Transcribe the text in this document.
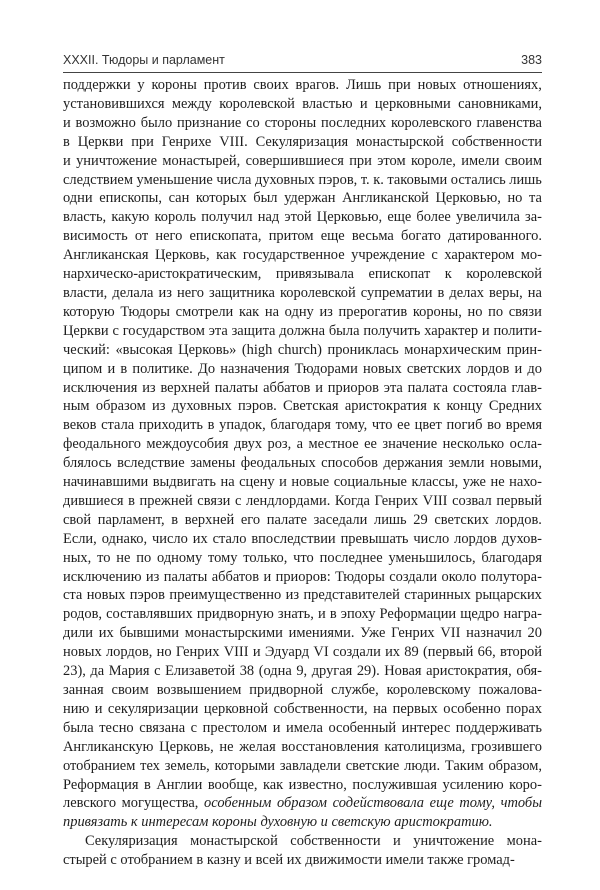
XXXII. Тюдоры и парламент	383
поддержки у короны против своих врагов. Лишь при новых отношениях,
установившихся между королевской властью и церковными сановниками,
и возможно было признание со стороны последних королевского главенства
в Церкви при Генрихе VIII. Секуляризация монастырской собственности
и уничтожение монастырей, совершившиеся при этом короле, имели своим
следствием уменьшение числа духовных пэров, т. к. таковыми остались лишь
одни епископы, сан которых был удержан Англиканской Церковью, но та
власть, какую король получил над этой Церковью, еще более увеличила за-
висимость от него епископата, притом еще весьма богато датированного.
Англиканская Церковь, как государственное учреждение с характером мо-
нархическо-аристократическим, привязывала епископат к королевской
власти, делала из него защитника королевской супрематии в делах веры, на
которую Тюдоры смотрели как на одну из прерогатив короны, но по связи
Церкви с государством эта защита должна была получить характер и полити-
ческий: «высокая Церковь» (high church) прониклась монархическим прин-
ципом и в политике. До назначения Тюдорами новых светских лордов и до
исключения из верхней палаты аббатов и приоров эта палата состояла глав-
ным образом из духовных пэров. Светская аристократия к концу Средних
веков стала приходить в упадок, благодаря тому, что ее цвет погиб во время
феодального междоусобия двух роз, а местное ее значение несколько осла-
блялось вследствие замены феодальных способов держания земли новыми,
начинавшими выдвигать на сцену и новые социальные классы, уже не нахо-
дившиеся в прежней связи с лендлордами. Когда Генрих VIII созвал первый
свой парламент, в верхней его палате заседали лишь 29 светских лордов.
Если, однако, число их стало впоследствии превышать число лордов духов-
ных, то не по одному тому только, что последнее уменьшилось, благодаря
исключению из палаты аббатов и приоров: Тюдоры создали около полутора-
ста новых пэров преимущественно из представителей старинных рыцарских
родов, составлявших придворную знать, и в эпоху Реформации щедро награ-
дили их бывшими монастырскими имениями. Уже Генрих VII назначил 20
новых лордов, но Генрих VIII и Эдуард VI создали их 89 (первый 66, второй
23), да Мария с Елизаветой 38 (одна 9, другая 29). Новая аристократия, обя-
занная своим возвышением придворной службе, королевскому пожалова-
нию и секуляризации церковной собственности, на первых особенно порах
была тесно связана с престолом и имела особенный интерес поддерживать
Англиканскую Церковь, не желая восстановления католицизма, грозившего
отобранием тех земель, которыми завладели светские люди. Таким образом,
Реформация в Англии вообще, как известно, послужившая усилению коро-
левского могущества, особенным образом содействовала еще тому, чтобы
привязать к интересам короны духовную и светскую аристократию.
Секуляризация монастырской собственности и уничтожение мона-
стырей с отобранием в казну и всей их движимости имели также громад-
